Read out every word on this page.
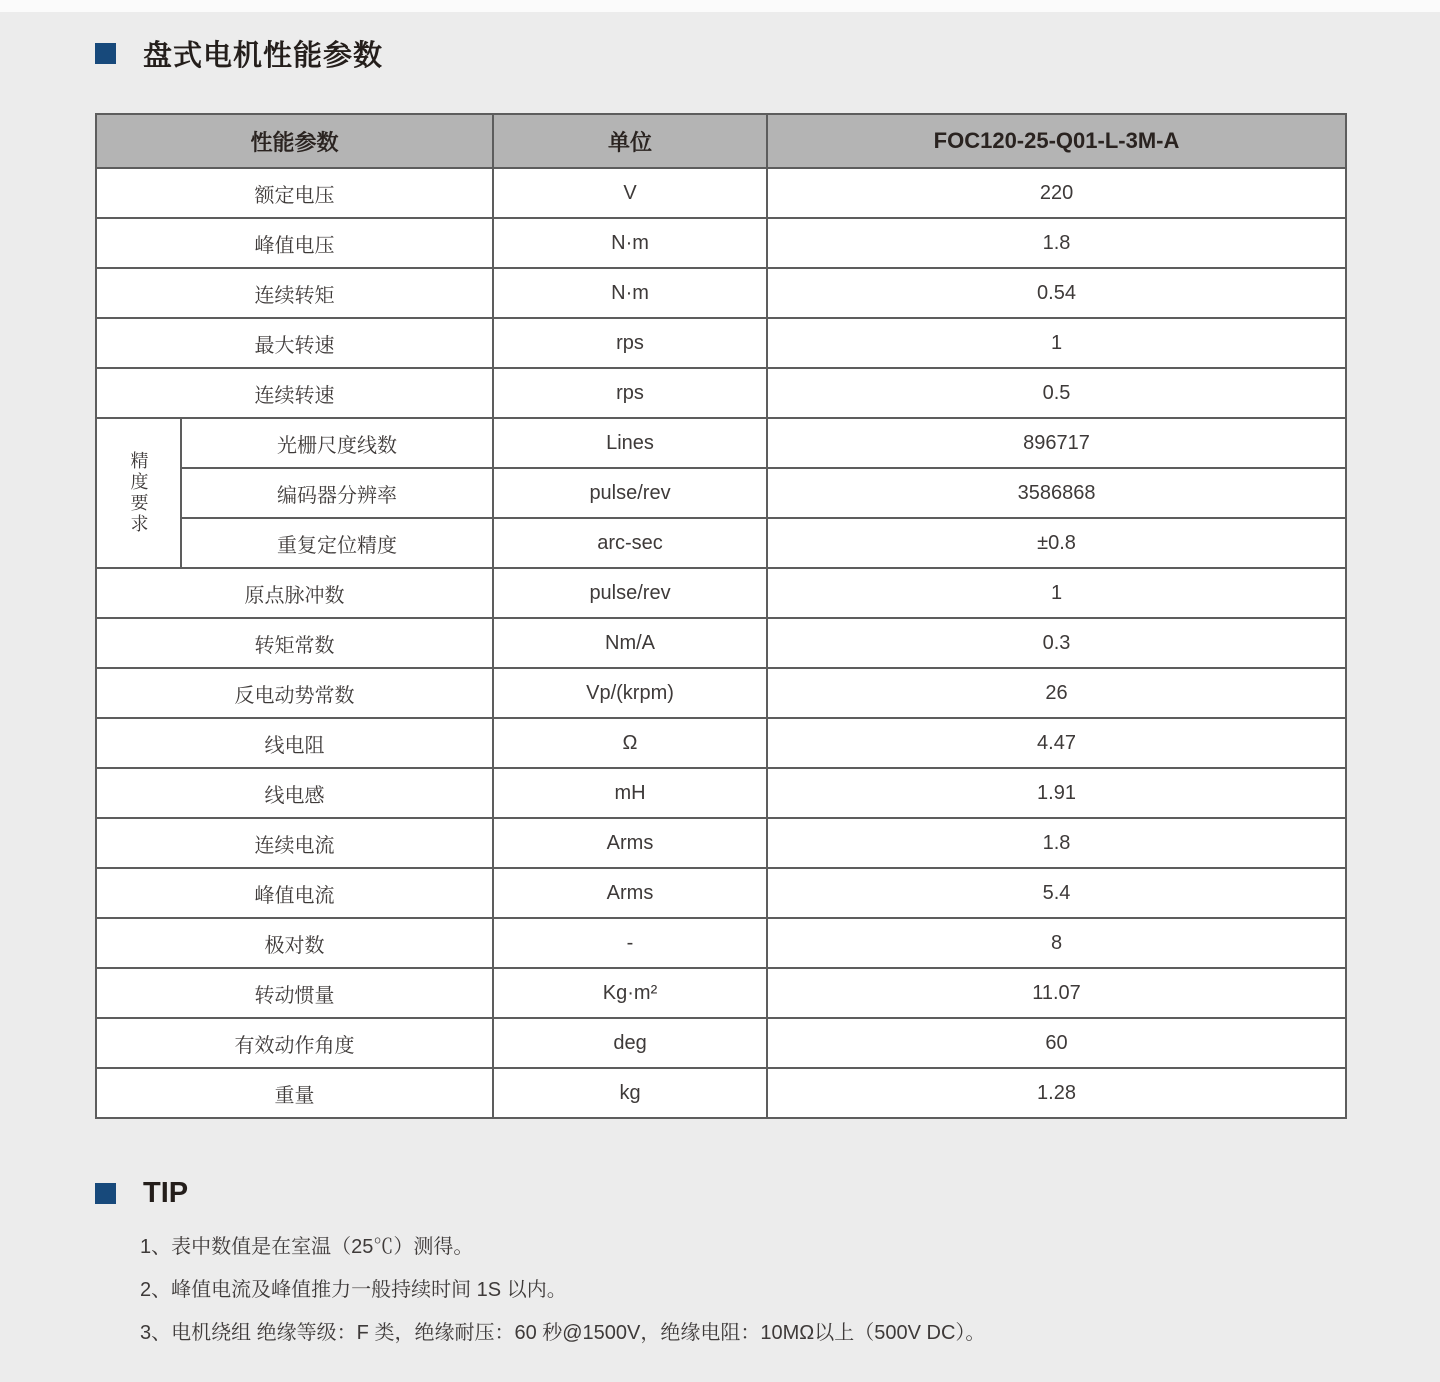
盘式电机性能参数
性能参数		单位	FOC120-25-Q01-L-3M-A
额定电压		V	220
峰值电压		N·m	1.8
连续转矩		N·m	0.54
最大转速		rps	1
连续转速		rps	0.5
精度要求	光栅尺度线数	Lines	896717
	编码器分辨率	pulse/rev	3586868
	重复定位精度	arc-sec	±0.8
原点脉冲数		pulse/rev	1
转矩常数		Nm/A	0.3
反电动势常数		Vp/(krpm)	26
线电阻		Ω	4.47
线电感		mH	1.91
连续电流		Arms	1.8
峰值电流		Arms	5.4
极对数		-	8
转动惯量		Kg·m²	11.07
有效动作角度		deg	60
重量		kg	1.28
TIP
1、表中数值是在室温（25℃）测得。
2、峰值电流及峰值推力一般持续时间 1S 以内。
3、电机绕组 绝缘等级：F 类，绝缘耐压：60 秒@1500V，绝缘电阻：10MΩ以上（500V DC）。
